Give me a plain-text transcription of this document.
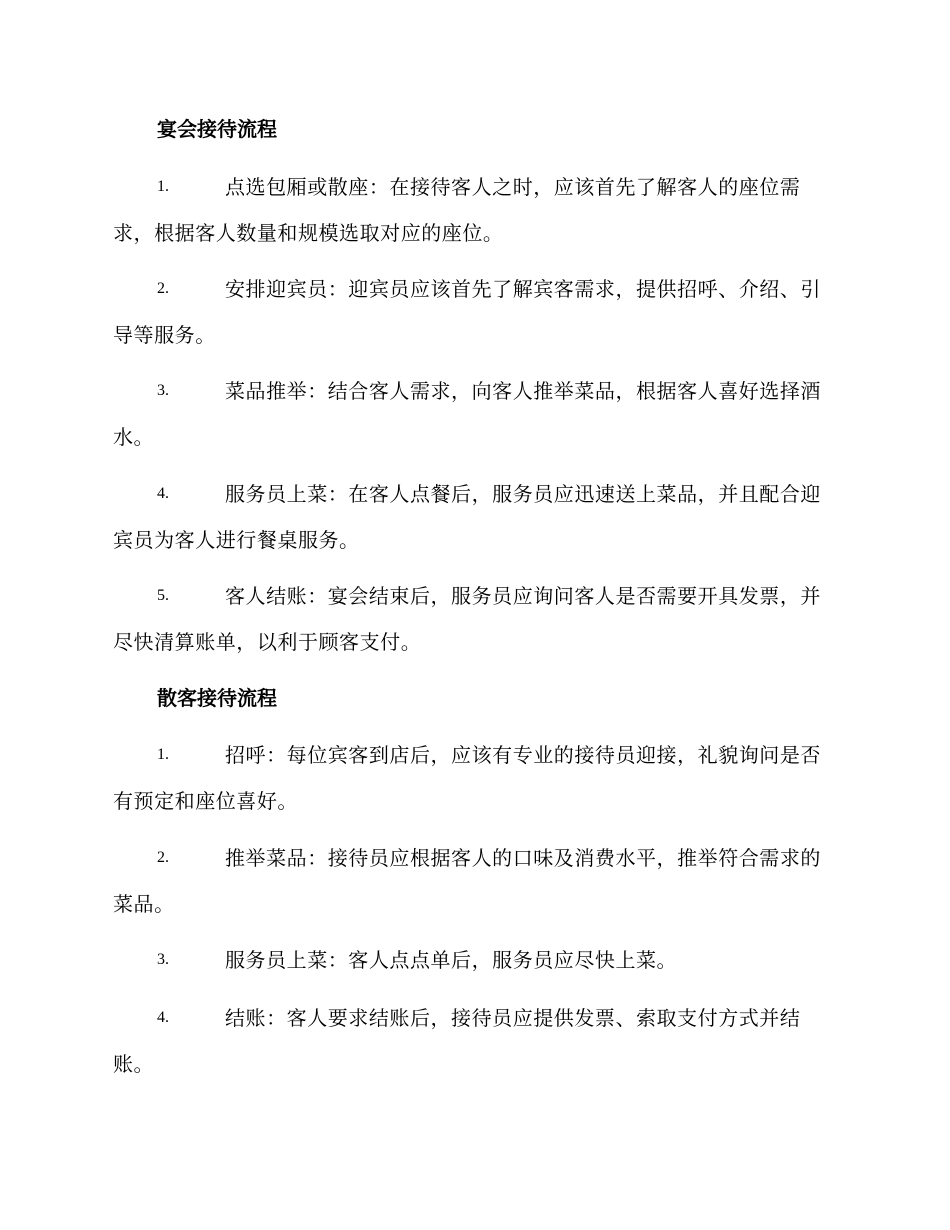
宴会接待流程

1.	点选包厢或散座：在接待客人之时，应该首先了解客人的座位需求，根据客人数量和规模选取对应的座位。

2.	安排迎宾员：迎宾员应该首先了解宾客需求，提供招呼、介绍、引导等服务。

3.	菜品推举：结合客人需求，向客人推举菜品，根据客人喜好选择酒水。

4.	服务员上菜：在客人点餐后，服务员应迅速送上菜品，并且配合迎宾员为客人进行餐桌服务。

5.	客人结账：宴会结束后，服务员应询问客人是否需要开具发票，并尽快清算账单，以利于顾客支付。

散客接待流程

1.	招呼：每位宾客到店后，应该有专业的接待员迎接，礼貌询问是否有预定和座位喜好。

2.	推举菜品：接待员应根据客人的口味及消费水平，推举符合需求的菜品。

3.	服务员上菜：客人点点单后，服务员应尽快上菜。

4.	结账：客人要求结账后，接待员应提供发票、索取支付方式并结账。
